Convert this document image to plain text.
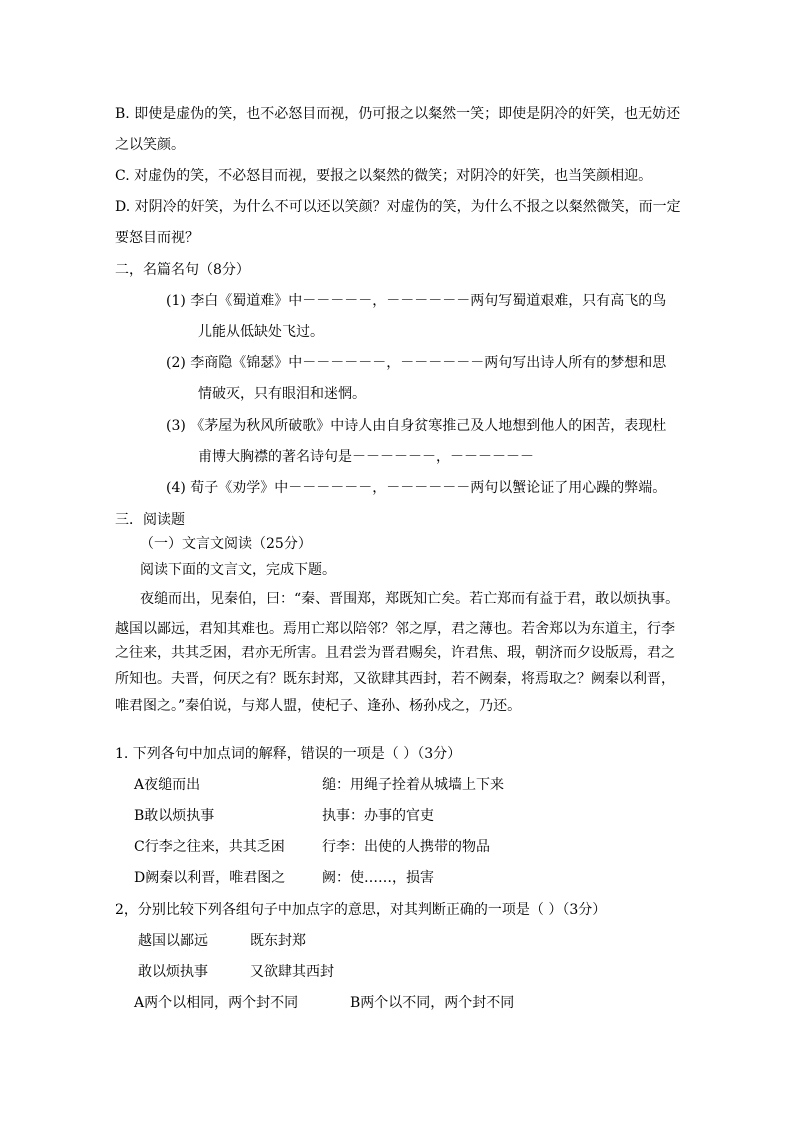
B. 即使是虚伪的笑，也不必怒目而视，仍可报之以粲然一笑；即使是阴冷的奸笑，也无妨还
之以笑颜。
C. 对虚伪的笑，不必怒目而视，要报之以粲然的微笑；对阴冷的奸笑，也当笑颜相迎。
D. 对阴冷的奸笑，为什么不可以还以笑颜？对虚伪的笑，为什么不报之以粲然微笑，而一定
要怒目而视？
二，名篇名句（8分）
(1) 李白《蜀道难》中－－－－－，－－－－－－两句写蜀道艰难，只有高飞的鸟
儿能从低缺处飞过。
(2) 李商隐《锦瑟》中－－－－－－，－－－－－－两句写出诗人所有的梦想和思
情破灭，只有眼泪和迷惘。
(3) 《茅屋为秋风所破歌》中诗人由自身贫寒推己及人地想到他人的困苦，表现杜
甫博大胸襟的著名诗句是－－－－－－，－－－－－－
(4) 荀子《劝学》中－－－－－－，－－－－－－两句以蟹论证了用心躁的弊端。
三．阅读题
（一）文言文阅读（25分）
阅读下面的文言文，完成下题。
夜缒而出，见秦伯，曰：“秦、晋围郑，郑既知亡矣。若亡郑而有益于君，敢以烦执事。
越国以鄙远，君知其难也。焉用亡郑以陪邻？邻之厚，君之薄也。若舍郑以为东道主，行李
之往来，共其乏困，君亦无所害。且君尝为晋君赐矣，许君焦、瑕，朝济而夕设版焉，君之
所知也。夫晋，何厌之有？既东封郑，又欲肆其西封，若不阙秦，将焉取之？阙秦以利晋，
唯君图之。”秦伯说，与郑人盟，使杞子、逢孙、杨孙戍之，乃还。
1. 下列各句中加点词的解释，错误的一项是（ ）（3分）
A夜缒而出	缒：用绳子拴着从城墙上下来
B敢以烦执事	执事：办事的官吏
C行李之往来，共其乏困	行李：出使的人携带的物品
D阙秦以利晋，唯君图之	阙：使……，损害
2，分别比较下列各组句子中加点字的意思，对其判断正确的一项是（ ）（3分）
越国以鄙远	既东封郑
敢以烦执事	又欲肆其西封
A两个以相同，两个封不同	B两个以不同，两个封不同
